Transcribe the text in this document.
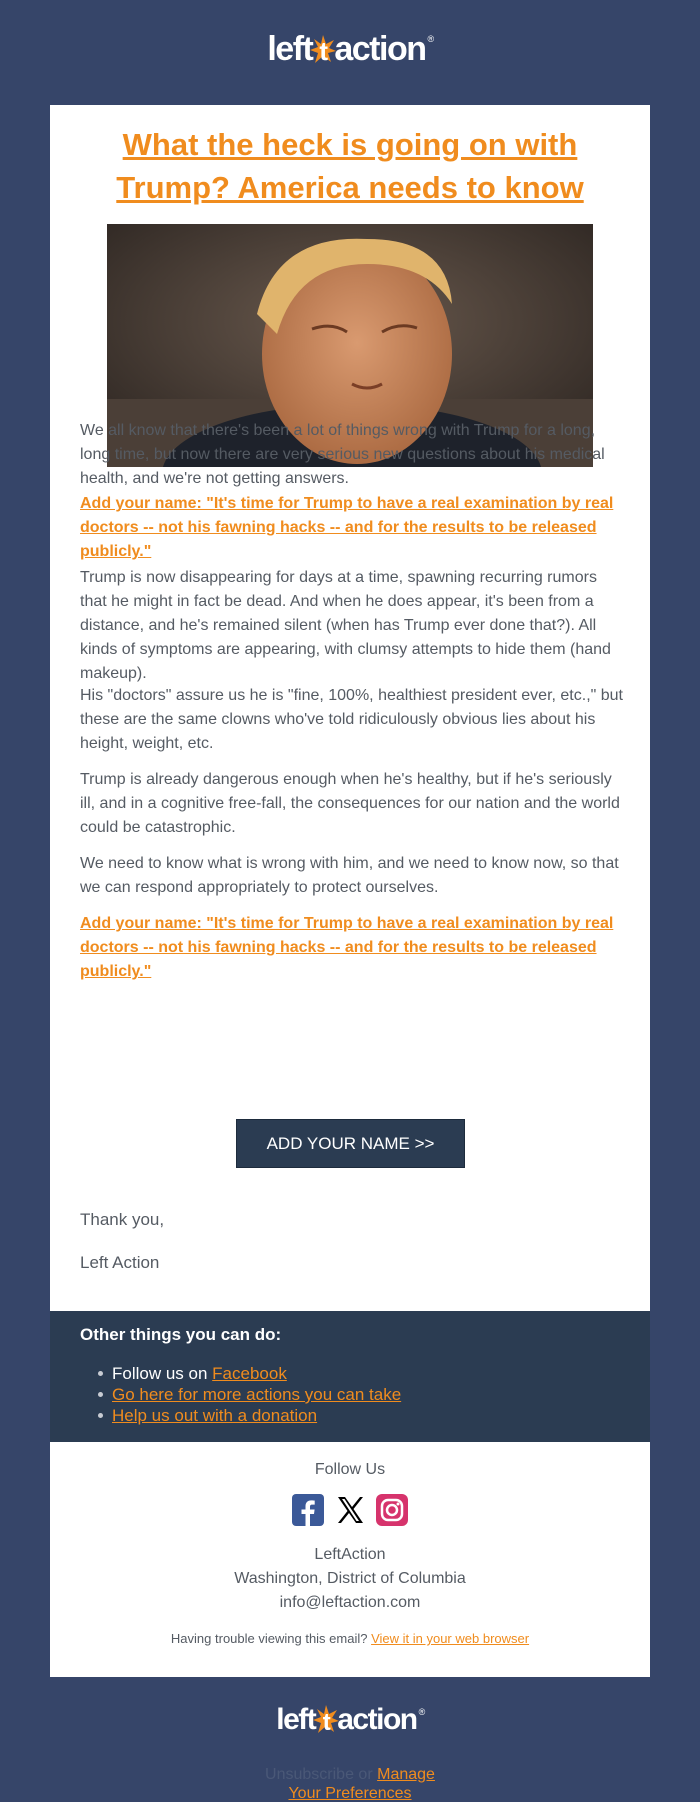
left t action®
What the heck is going on with Trump? America needs to know
We all know that there's been a lot of things wrong with Trump for a long, long time, but now there are very serious new questions about his medical health, and we're not getting answers.
Add your name: "It's time for Trump to have a real examination by real doctors -- not his fawning hacks -- and for the results to be released publicly."
Trump is now disappearing for days at a time, spawning recurring rumors that he might in fact be dead. And when he does appear, it's been from a distance, and he's remained silent (when has Trump ever done that?). All kinds of symptoms are appearing, with clumsy attempts to hide them (hand makeup).
His "doctors" assure us he is "fine, 100%, healthiest president ever, etc.," but these are the same clowns who've told ridiculously obvious lies about his height, weight, etc.
Trump is already dangerous enough when he's healthy, but if he's seriously ill, and in a cognitive free-fall, the consequences for our nation and the world could be catastrophic.
We need to know what is wrong with him, and we need to know now, so that we can respond appropriately to protect ourselves.
Add your name: "It's time for Trump to have a real examination by real doctors -- not his fawning hacks -- and for the results to be released publicly."
ADD YOUR NAME >>
Thank you,
Left Action
Other things you can do:
Follow us on Facebook
Go here for more actions you can take
Help us out with a donation
Follow Us
LeftAction
Washington, District of Columbia
info@leftaction.com
Having trouble viewing this email? View it in your web browser
left t action®
Unsubscribe or Manage
Your Preferences
